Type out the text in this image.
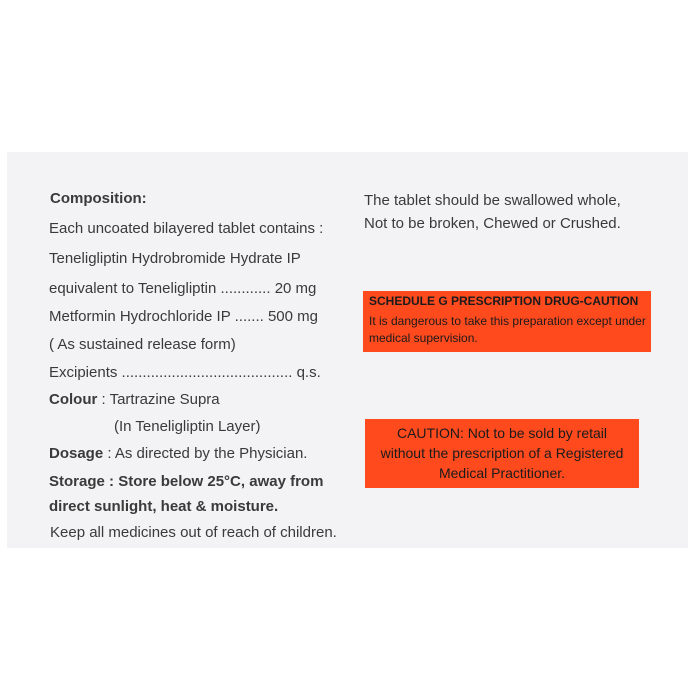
Composition:
Each uncoated bilayered tablet contains :
Teneligliptin Hydrobromide Hydrate IP
equivalent to Teneligliptin ............ 20 mg
Metformin Hydrochloride IP ....... 500 mg
( As sustained release form)
Excipients ......................................... q.s.
Colour : Tartrazine Supra
(In Teneligliptin Layer)
Dosage : As directed by the Physician.
Storage : Store below 25°C, away from
direct sunlight, heat & moisture.
Keep all medicines out of reach of children.
The tablet should be swallowed whole,
Not to be broken, Chewed or Crushed.
SCHEDULE G PRESCRIPTION DRUG-CAUTION
It is dangerous to take this preparation except under
medical supervision.
CAUTION: Not to be sold by retail
without the prescription of a Registered
Medical Practitioner.
